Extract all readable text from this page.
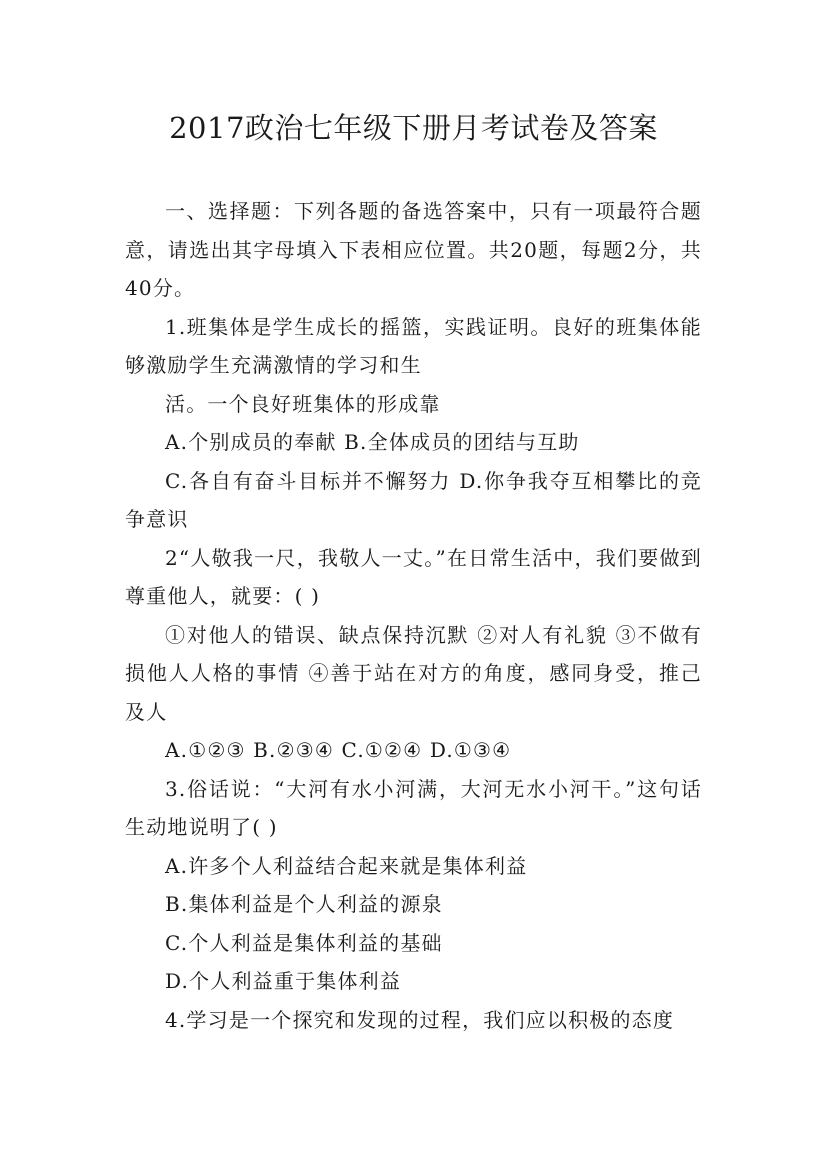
2017政治七年级下册月考试卷及答案

一、选择题：下列各题的备选答案中，只有一项最符合题意，请选出其字母填入下表相应位置。共20题，每题2分，共40分。

1.班集体是学生成长的摇篮，实践证明。良好的班集体能够激励学生充满激情的学习和生

活。一个良好班集体的形成靠

A.个别成员的奉献 B.全体成员的团结与互助

C.各自有奋斗目标并不懈努力 D.你争我夺互相攀比的竞争意识

2“人敬我一尺，我敬人一丈。”在日常生活中，我们要做到尊重他人，就要：( )

①对他人的错误、缺点保持沉默 ②对人有礼貌 ③不做有损他人人格的事情 ④善于站在对方的角度，感同身受，推己及人

A.①②③ B.②③④ C.①②④ D.①③④

3.俗话说：“大河有水小河满，大河无水小河干。”这句话生动地说明了( )

A.许多个人利益结合起来就是集体利益

B.集体利益是个人利益的源泉

C.个人利益是集体利益的基础

D.个人利益重于集体利益

4.学习是一个探究和发现的过程，我们应以积极的态度
